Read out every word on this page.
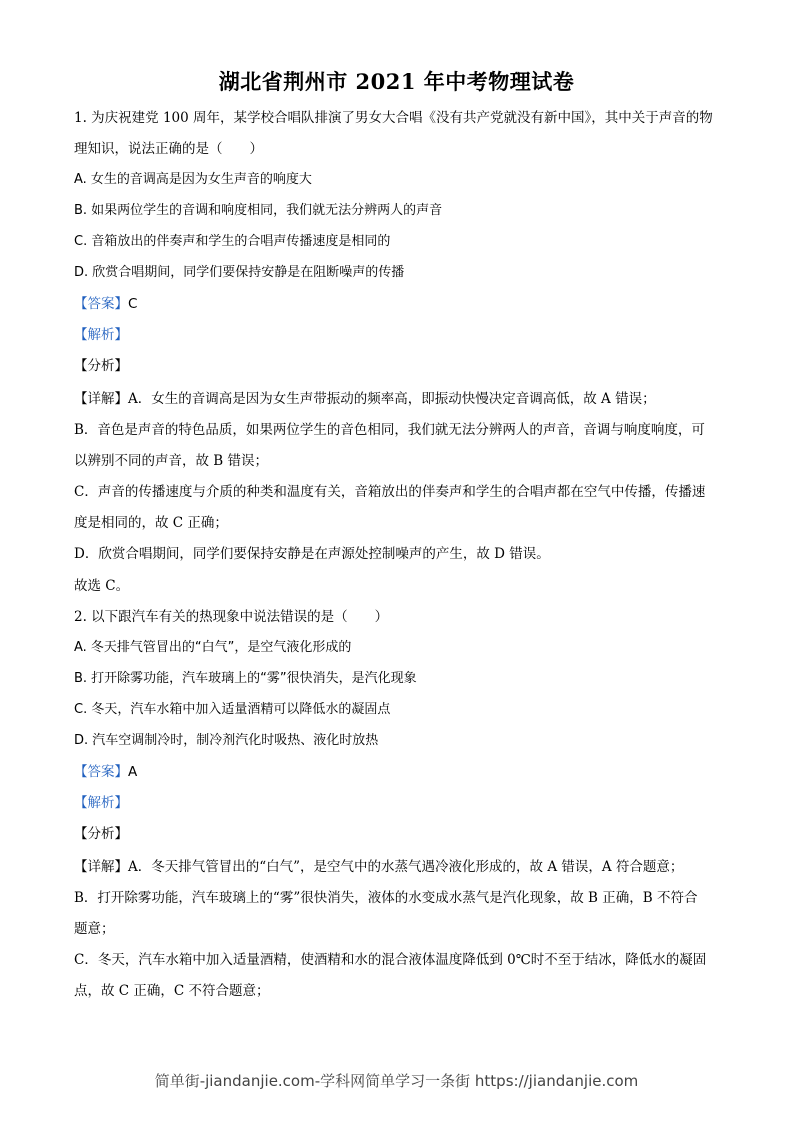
湖北省荆州市 2021 年中考物理试卷
1. 为庆祝建党 100 周年，某学校合唱队排演了男女大合唱《没有共产党就没有新中国》，其中关于声音的物
理知识，说法正确的是（　　）
A. 女生的音调高是因为女生声音的响度大
B. 如果两位学生的音调和响度相同，我们就无法分辨两人的声音
C. 音箱放出的伴奏声和学生的合唱声传播速度是相同的
D. 欣赏合唱期间，同学们要保持安静是在阻断噪声的传播
【答案】C
【解析】
【分析】
【详解】A．女生的音调高是因为女生声带振动的频率高，即振动快慢决定音调高低，故 A 错误；
B．音色是声音的特色品质，如果两位学生的音色相同，我们就无法分辨两人的声音，音调与响度响度，可
以辨别不同的声音，故 B 错误；
C．声音的传播速度与介质的种类和温度有关，音箱放出的伴奏声和学生的合唱声都在空气中传播，传播速
度是相同的，故 C 正确；
D．欣赏合唱期间，同学们要保持安静是在声源处控制噪声的产生，故 D 错误。
故选 C。
2. 以下跟汽车有关的热现象中说法错误的是（　　）
A. 冬天排气管冒出的“白气”，是空气液化形成的
B. 打开除雾功能，汽车玻璃上的“雾”很快消失，是汽化现象
C. 冬天，汽车水箱中加入适量酒精可以降低水的凝固点
D. 汽车空调制冷时，制冷剂汽化时吸热、液化时放热
【答案】A
【解析】
【分析】
【详解】A．冬天排气管冒出的“白气”，是空气中的水蒸气遇冷液化形成的，故 A 错误，A 符合题意；
B．打开除雾功能，汽车玻璃上的“雾”很快消失，液体的水变成水蒸气是汽化现象，故 B 正确，B 不符合
题意；
C．冬天，汽车水箱中加入适量酒精，使酒精和水的混合液体温度降低到 0℃时不至于结冰，降低水的凝固
点，故 C 正确，C 不符合题意；
简单街-jiandanjie.com-学科网简单学习一条街 https://jiandanjie.com
